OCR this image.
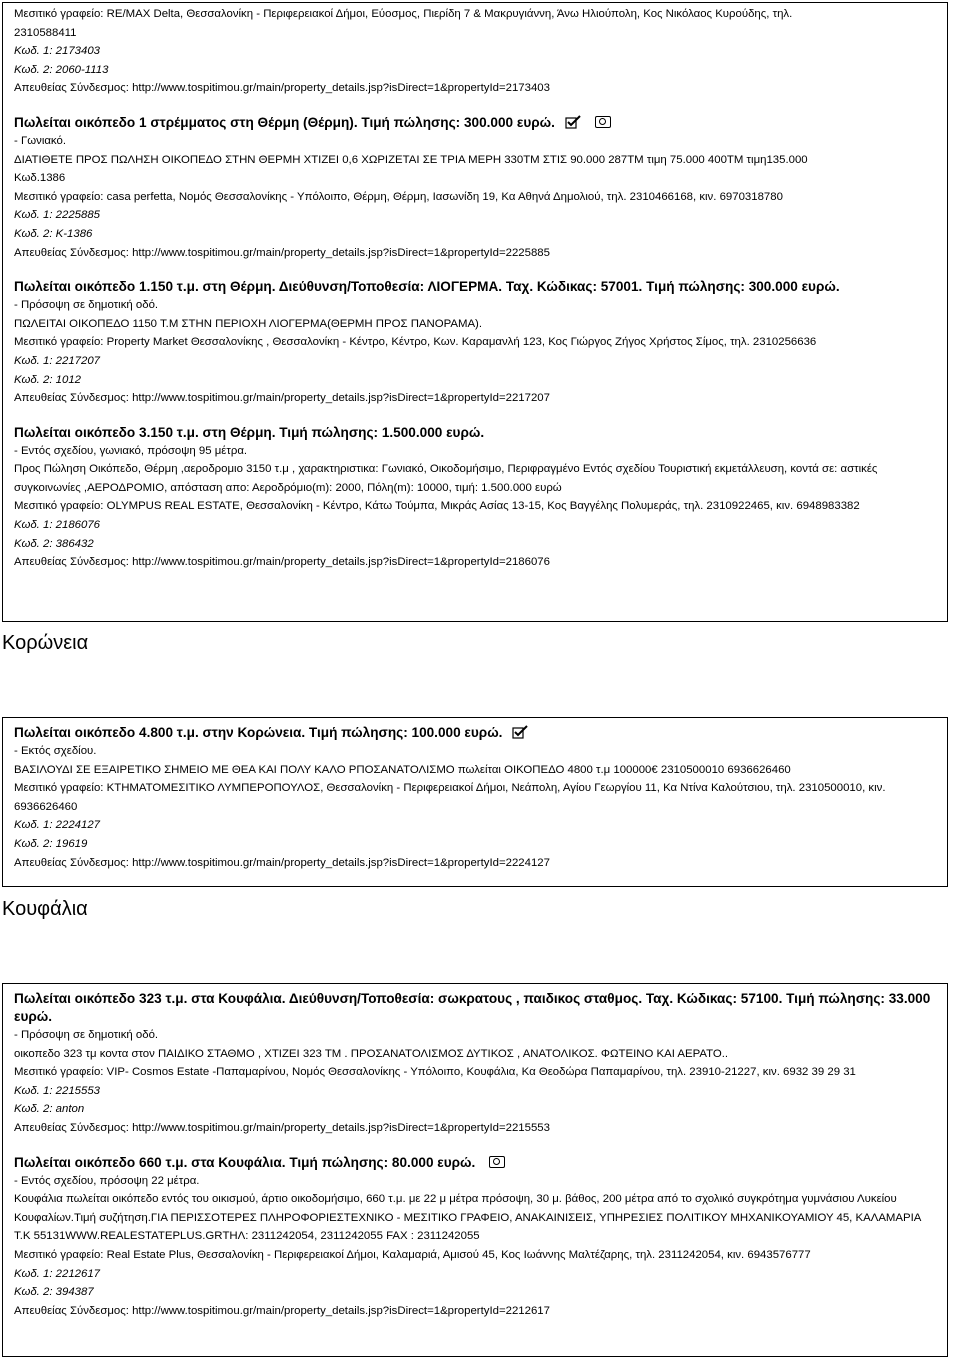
Μεσιτικό γραφείο: RE/MAX Delta, Θεσσαλονίκη - Περιφερειακοί Δήμοι, Εύοσμος, Πιερίδη 7 & Μακρυγιάννη, Άνω Ηλιούπολη, Κος Νικόλαος Κυρούδης, τηλ.
2310588411
Κωδ. 1: 2173403
Κωδ. 2: 2060-1113
Απευθείας Σύνδεσμος: http://www.tospitimou.gr/main/property_details.jsp?isDirect=1&propertyId=2173403
Πωλείται οικόπεδο 1 στρέμματος στη Θέρμη (Θέρμη). Τιμή πώλησης: 300.000 ευρώ.
- Γωνιακό.
ΔΙΑΤΙΘΕΤΕ ΠΡΟΣ ΠΩΛΗΣΗ ΟΙΚΟΠΕΔΟ ΣΤΗΝ ΘΕΡΜΗ ΧΤΙΖΕΙ 0,6 ΧΩΡΙΖΕΤΑΙ ΣΕ ΤΡΙΑ ΜΕΡΗ 330ΤΜ ΣΤΙΣ 90.000 287ΤΜ τιμη 75.000 400ΤΜ τιμη135.000
Κωδ.1386
Μεσιτικό γραφείο: casa perfetta, Νομός Θεσσαλονίκης - Υπόλοιπο, Θέρμη, Θέρμη, Ιασωνίδη 19, Κα Αθηνά Δημολιού, τηλ. 2310466168, κιν. 6970318780
Κωδ. 1: 2225885
Κωδ. 2: K-1386
Απευθείας Σύνδεσμος: http://www.tospitimou.gr/main/property_details.jsp?isDirect=1&propertyId=2225885
Πωλείται οικόπεδο 1.150 τ.μ. στη Θέρμη. Διεύθυνση/Τοποθεσία: ΛΙΟΓΕΡΜΑ. Ταχ. Κώδικας: 57001. Τιμή πώλησης: 300.000 ευρώ.
- Πρόσοψη σε δημοτική οδό.
ΠΩΛΕΙΤΑΙ ΟΙΚΟΠΕΔΟ 1150 Τ.Μ ΣΤΗΝ ΠΕΡΙΟΧΗ ΛΙΟΓΕΡΜΑ(ΘΕΡΜΗ ΠΡΟΣ ΠΑΝΟΡΑΜΑ).
Μεσιτικό γραφείο: Property Market Θεσσαλονίκης , Θεσσαλονίκη - Κέντρο, Κέντρο, Κων. Καραμανλή 123, Κος Γιώργος Ζήγος Χρήστος Σίμος, τηλ. 2310256636
Κωδ. 1: 2217207
Κωδ. 2: 1012
Απευθείας Σύνδεσμος: http://www.tospitimou.gr/main/property_details.jsp?isDirect=1&propertyId=2217207
Πωλείται οικόπεδο 3.150 τ.μ. στη Θέρμη. Τιμή πώλησης: 1.500.000 ευρώ.
- Εντός σχεδίου, γωνιακό, πρόσοψη 95 μέτρα.
Προς Πώληση Οικόπεδο, Θέρμη ,αεροδρομιο 3150 τ.μ , χαρακτηριστικα: Γωνιακό, Οικοδομήσιμο, Περιφραγμένο Εντός σχεδίου Τουριστική εκμετάλλευση, κοντά σε: αστικές συγκοινωνίες ,ΑΕΡΟΔΡΟΜΙΟ, απόσταση απο: Αεροδρόμιο(m): 2000, Πόλη(m): 10000, τιμή: 1.500.000 ευρώ
Μεσιτικό γραφείο: OLYMPUS REAL ESTATE, Θεσσαλονίκη - Κέντρο, Κάτω Τούμπα, Μικράς Ασίας 13-15, Κος Βαγγέλης Πολυμεράς, τηλ. 2310922465, κιν. 6948983382
Κωδ. 1: 2186076
Κωδ. 2: 386432
Απευθείας Σύνδεσμος: http://www.tospitimou.gr/main/property_details.jsp?isDirect=1&propertyId=2186076
Κορώνεια
Πωλείται οικόπεδο 4.800 τ.μ. στην Κορώνεια. Τιμή πώλησης: 100.000 ευρώ.
- Εκτός σχεδίου.
ΒΑΣΙΛΟΥΔΙ ΣΕ ΕΞΑΙΡΕΤΙΚΟ ΣΗΜΕΙΟ ΜΕ ΘΕΑ ΚΑΙ ΠΟΛΥ ΚΑΛΟ ΡΠΟΣΑΝΑΤΟΛΙΣΜΟ πωλείται ΟΙΚΟΠΕΔΟ 4800 τ.μ 100000€ 2310500010 6936626460
Μεσιτικό γραφείο: ΚΤΗΜΑΤΟΜΕΣΙΤΙΚΟ ΛΥΜΠΕΡΟΠΟΥΛΟΣ, Θεσσαλονίκη - Περιφερειακοί Δήμοι, Νεάπολη, Αγίου Γεωργίου 11, Κα Ντίνα Καλούτσιου, τηλ. 2310500010, κιν. 6936626460
Κωδ. 1: 2224127
Κωδ. 2: 19619
Απευθείας Σύνδεσμος: http://www.tospitimou.gr/main/property_details.jsp?isDirect=1&propertyId=2224127
Κουφάλια
Πωλείται οικόπεδο 323 τ.μ. στα Κουφάλια. Διεύθυνση/Τοποθεσία: σωκρατους , παιδικος σταθμος. Ταχ. Κώδικας: 57100. Τιμή πώλησης: 33.000 ευρώ.
- Πρόσοψη σε δημοτική οδό.
οικοπεδο 323 τμ κοντα στον ΠΑΙΔΙΚΟ ΣΤΑΘΜΟ , ΧΤΙΖΕΙ 323 ΤΜ . ΠΡΟΣΑΝΑΤΟΛΙΣΜΟΣ ΔΥΤΙΚΟΣ , ΑΝΑΤΟΛΙΚΟΣ. ΦΩΤΕΙΝΟ ΚΑΙ ΑΕΡΑΤΟ..
Μεσιτικό γραφείο: VIP- Cosmos Estate -Παπαμαρίνου, Νομός Θεσσαλονίκης - Υπόλοιπο, Κουφάλια, Κα Θεοδώρα Παπαμαρίνου, τηλ. 23910-21227, κιν. 6932 39 29 31
Κωδ. 1: 2215553
Κωδ. 2: anton
Απευθείας Σύνδεσμος: http://www.tospitimou.gr/main/property_details.jsp?isDirect=1&propertyId=2215553
Πωλείται οικόπεδο 660 τ.μ. στα Κουφάλια. Τιμή πώλησης: 80.000 ευρώ.
- Εντός σχεδίου, πρόσοψη 22 μέτρα.
Κουφάλια πωλείται οικόπεδο εντός του οικισμού, άρτιο οικοδομήσιμο, 660 τ.μ. με 22 μ μέτρα πρόσοψη, 30 μ. βάθος, 200 μέτρα από το σχολικό συγκρότημα γυμνάσιου Λυκείου Κουφαλίων.Τιμή συζήτηση.ΓΙΑ ΠΕΡΙΣΣΟΤΕΡΕΣ ΠΛΗΡΟΦΟΡΙΕΣΤΕΧΝΙΚΟ - ΜΕΣΙΤΙΚΟ ΓΡΑΦΕΙΟ, ΑΝΑΚΑΙΝΙΣΕΙΣ, ΥΠΗΡΕΣΙΕΣ ΠΟΛΙΤΙΚΟΥ ΜΗΧΑΝΙΚΟΥΑΜΙΟΥ 45, ΚΑΛΑΜΑΡΙΑ Τ.Κ 55131WWW.REALESTATEPLUS.GRΤΗΛ: 2311242054, 2311242055 FAX : 2311242055
Μεσιτικό γραφείο: Real Estate Plus, Θεσσαλονίκη - Περιφερειακοί Δήμοι, Καλαμαριά, Αμισού 45, Κος Ιωάννης Μαλτέζαρης, τηλ. 2311242054, κιν. 6943576777
Κωδ. 1: 2212617
Κωδ. 2: 394387
Απευθείας Σύνδεσμος: http://www.tospitimou.gr/main/property_details.jsp?isDirect=1&propertyId=2212617
